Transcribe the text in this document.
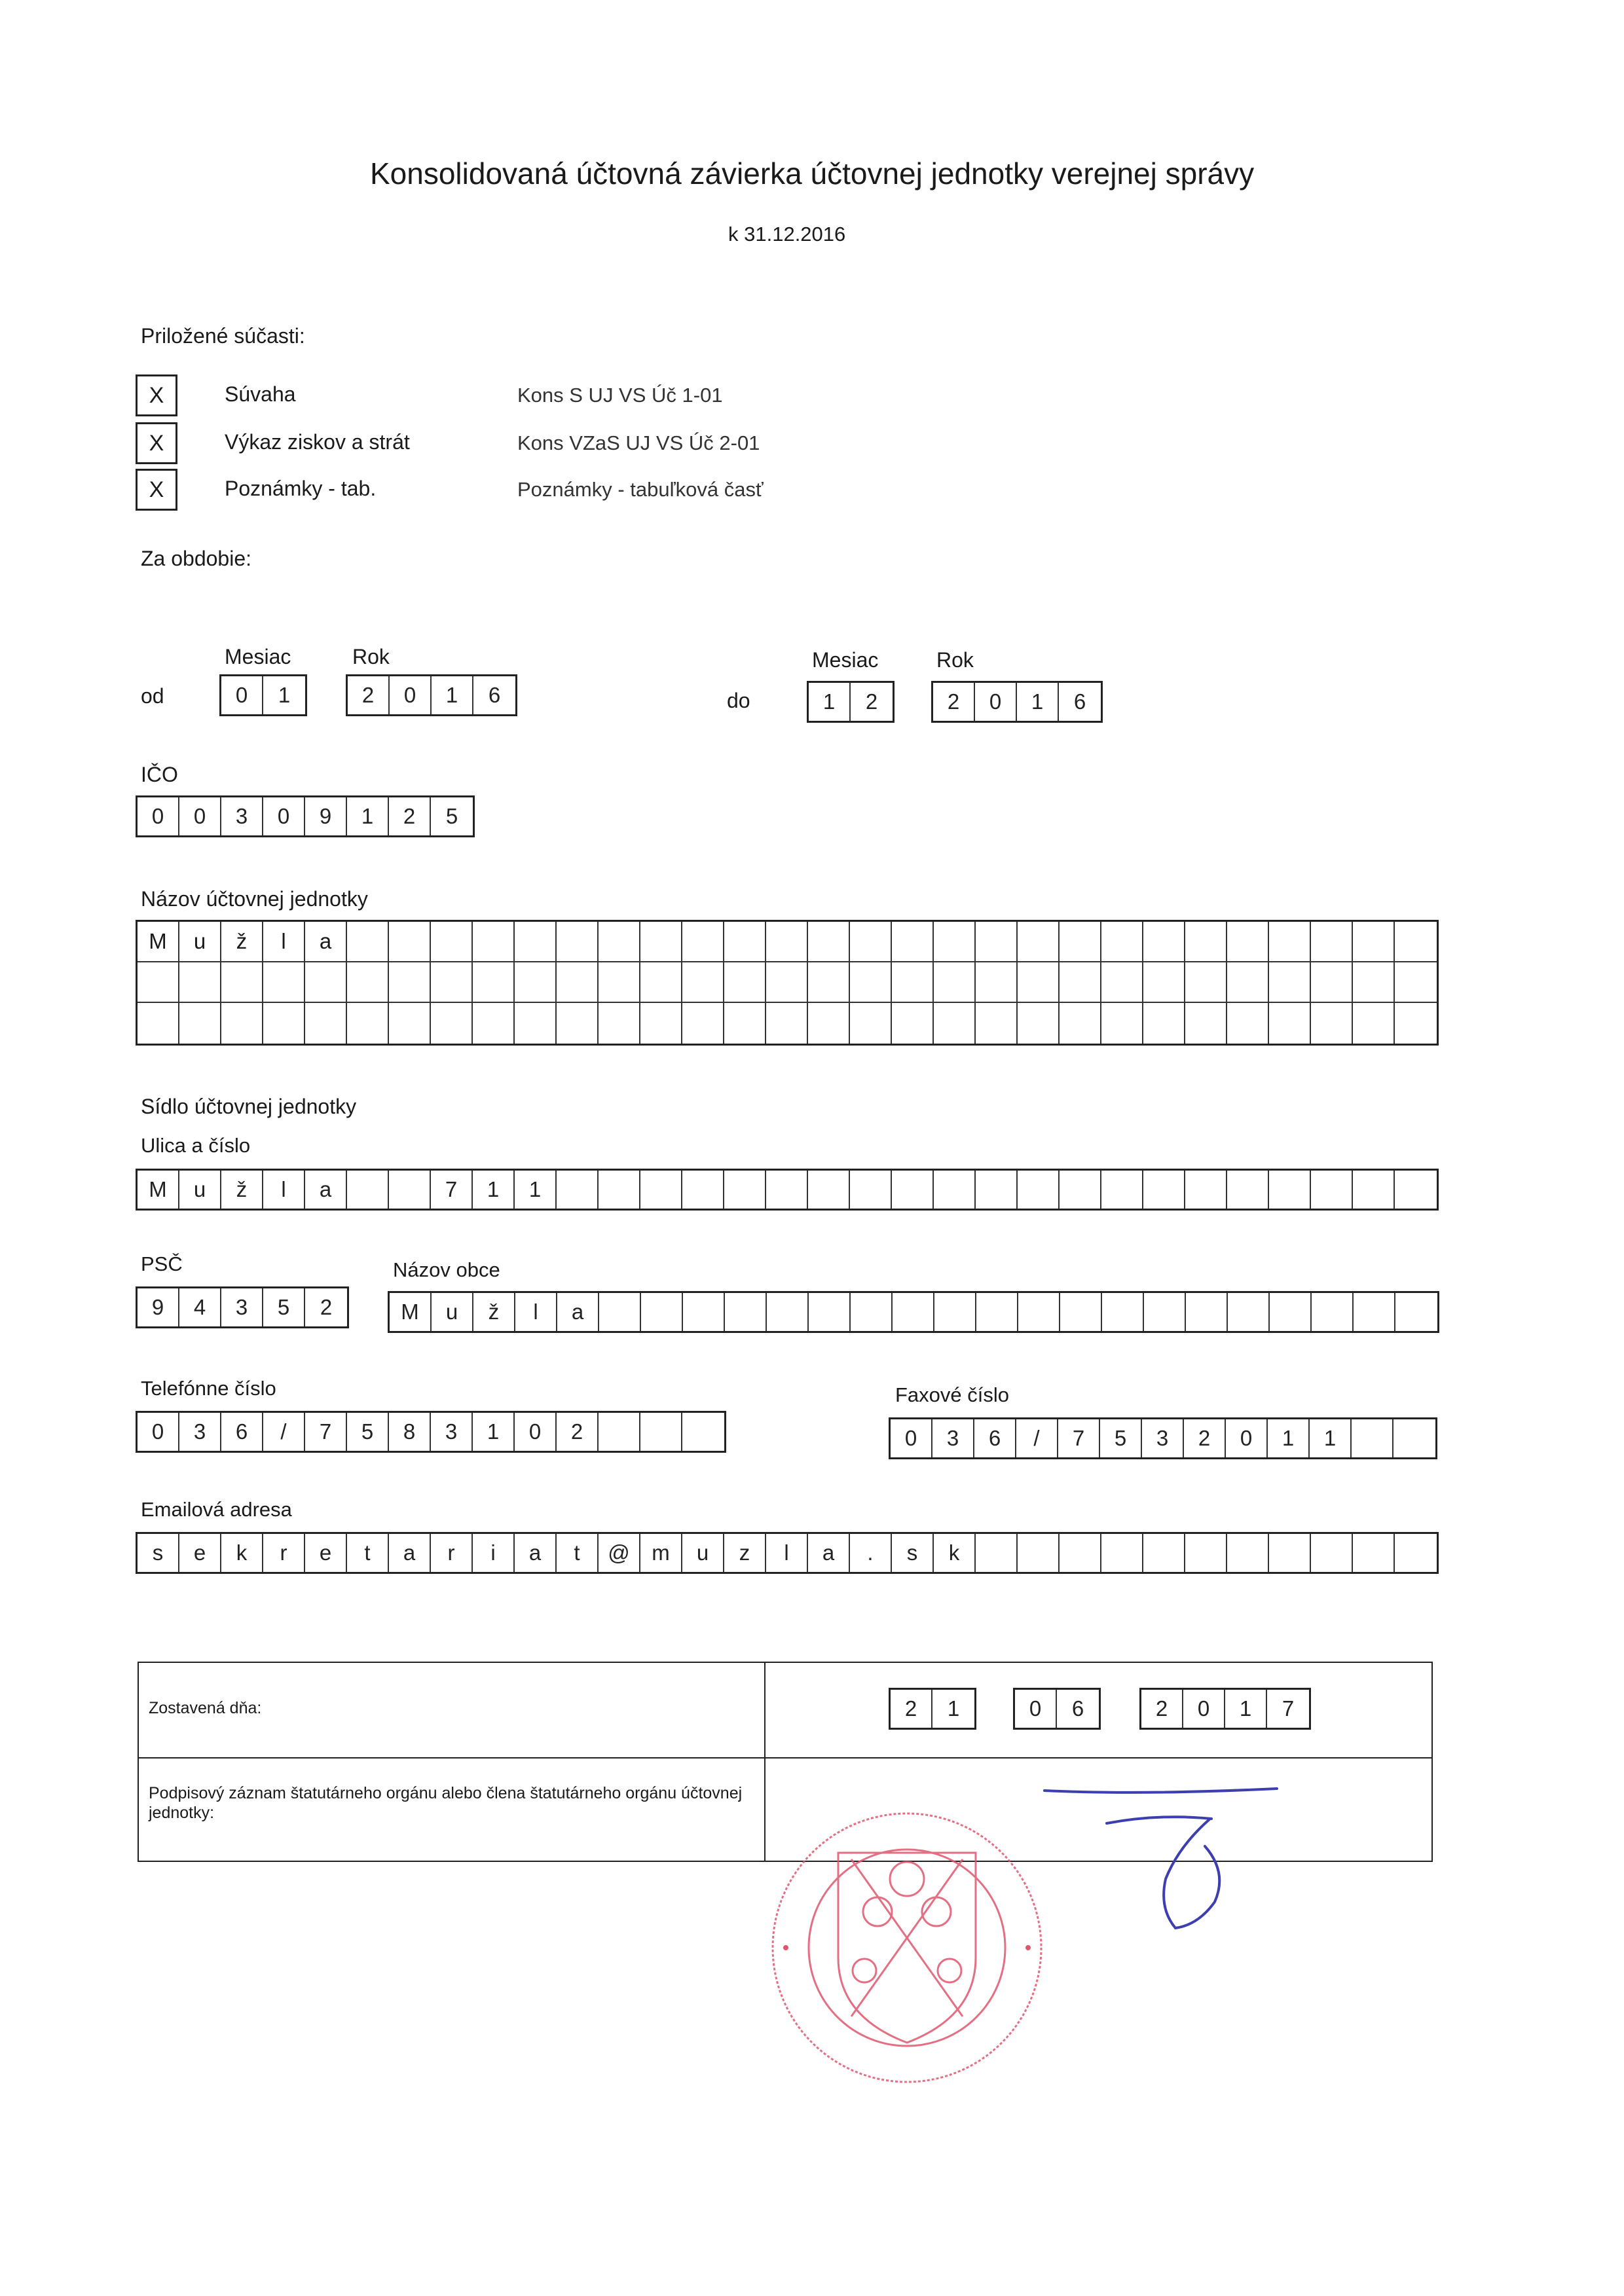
Konsolidovaná účtovná závierka účtovnej jednotky verejnej správy
k 31.12.2016
Priložené súčasti:
X	Súvaha	Kons S UJ VS Úč 1-01
X	Výkaz ziskov a strát	Kons VZaS UJ VS Úč 2-01
X	Poznámky - tab.	Poznámky - tabuľková časť
Za obdobie:
Mesiac	Rok
od	0	1	2	0	1	6
Mesiac	Rok
do	1	2	2	0	1	6
IČO
0	0	3	0	9	1	2	5
Názov účtovnej jednotky
M	u	ž	l	a
Sídlo účtovnej jednotky
Ulica a číslo
M	u	ž	l	a	7	1	1
PSČ
9	4	3	5	2
Názov obce
M	u	ž	l	a
Telefónne číslo
0	3	6	/	7	5	8	3	1	0	2
Faxové číslo
0	3	6	/	7	5	3	2	0	1	1
Emailová adresa
s	e	k	r	e	t	a	r	i	a	t	@	m	u	z	l	a	.	s	k
Zostavená dňa:
Podpisový záznam štatutárneho orgánu alebo člena štatutárneho orgánu účtovnej jednotky:
2	1	0	6	2	0	1	7
